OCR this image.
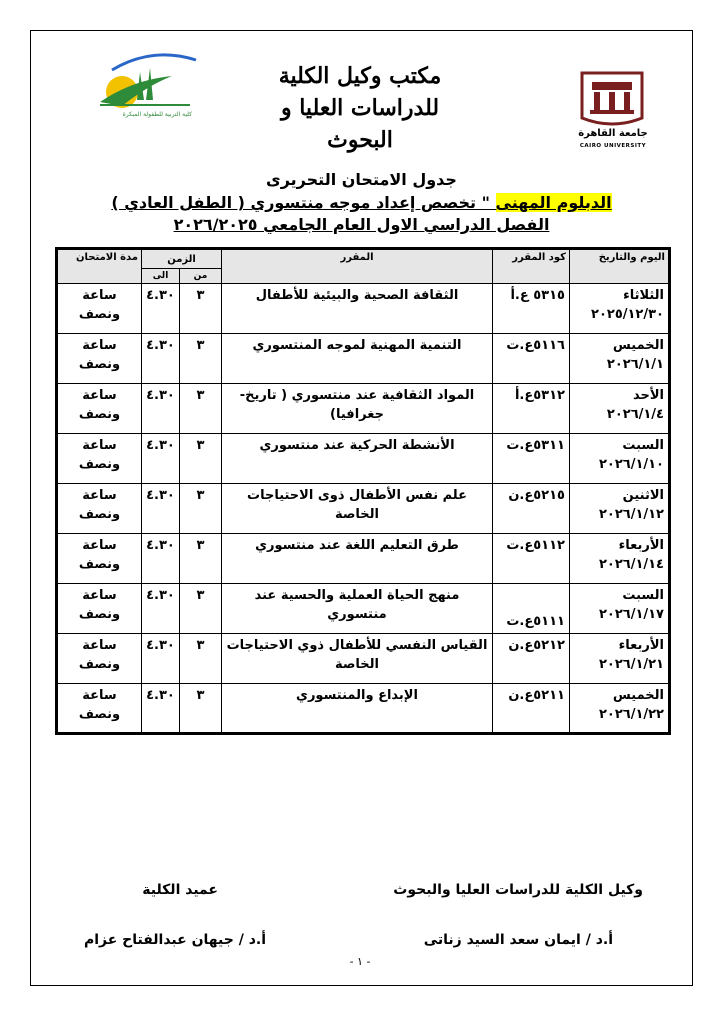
كلية التربية للطفولة المبكرة
مكتب وكيل الكلية
للدراسات العليا و البحوث	جامعة القاهرة
CAIRO UNIVERSITY
جدول الامتحان التحريرى
الدبلوم المهنى " تخصص إعداد موجه منتسوري ( الطفل العادي )
الفصل الدراسي الاول العام الجامعي ٢٠٢٦/٢٠٢٥
اليوم والتاريخ	كود المقرر	المقرر	الزمن		مدة الامتحان
			من	الى	

الثلاثاء
٢٠٢٥/١٢/٣٠	٥٣١٥ ع.أ	الثقافة الصحية والبيئية للأطفال	٣	٤.٣٠	ساعة ونصف

الخميس
٢٠٢٦/١/١	٥١١٦ع.ت	التنمية المهنية لموجه المنتسوري	٣	٤.٣٠	ساعة ونصف

الأحد
٢٠٢٦/١/٤	٥٣١٢ع.أ	المواد الثقافية عند منتسوري ( تاريخ- جغرافيا)	٣	٤.٣٠	ساعة ونصف

السبت
٢٠٢٦/١/١٠	٥٣١١ع.ت	الأنشطة الحركية عند منتسوري	٣	٤.٣٠	ساعة ونصف

الاثنين
٢٠٢٦/١/١٢	٥٢١٥ع.ن	علم نفس الأطفال ذوى الاحتياجات الخاصة	٣	٤.٣٠	ساعة ونصف

الأربعاء
٢٠٢٦/١/١٤	٥١١٢ع.ت	طرق التعليم اللغة عند منتسوري	٣	٤.٣٠	ساعة ونصف

السبت
٢٠٢٦/١/١٧	٥١١١ع.ت	منهج الحياة العملية والحسية عند منتسوري	٣	٤.٣٠	ساعة ونصف

الأربعاء
٢٠٢٦/١/٢١	٥٢١٢ع.ن	القياس النفسي للأطفال ذوي الاحتياجات الخاصة	٣	٤.٣٠	ساعة ونصف

الخميس
٢٠٢٦/١/٢٢	٥٢١١ع.ن	الإبداع والمنتسوري	٣	٤.٣٠	ساعة ونصف
وكيل الكلية للدراسات العليا والبحوث
أ.د / ايمان سعد السيد زناتى
عميد الكلية
أ.د / جيهان عبدالفتاح عزام
- ١ -
